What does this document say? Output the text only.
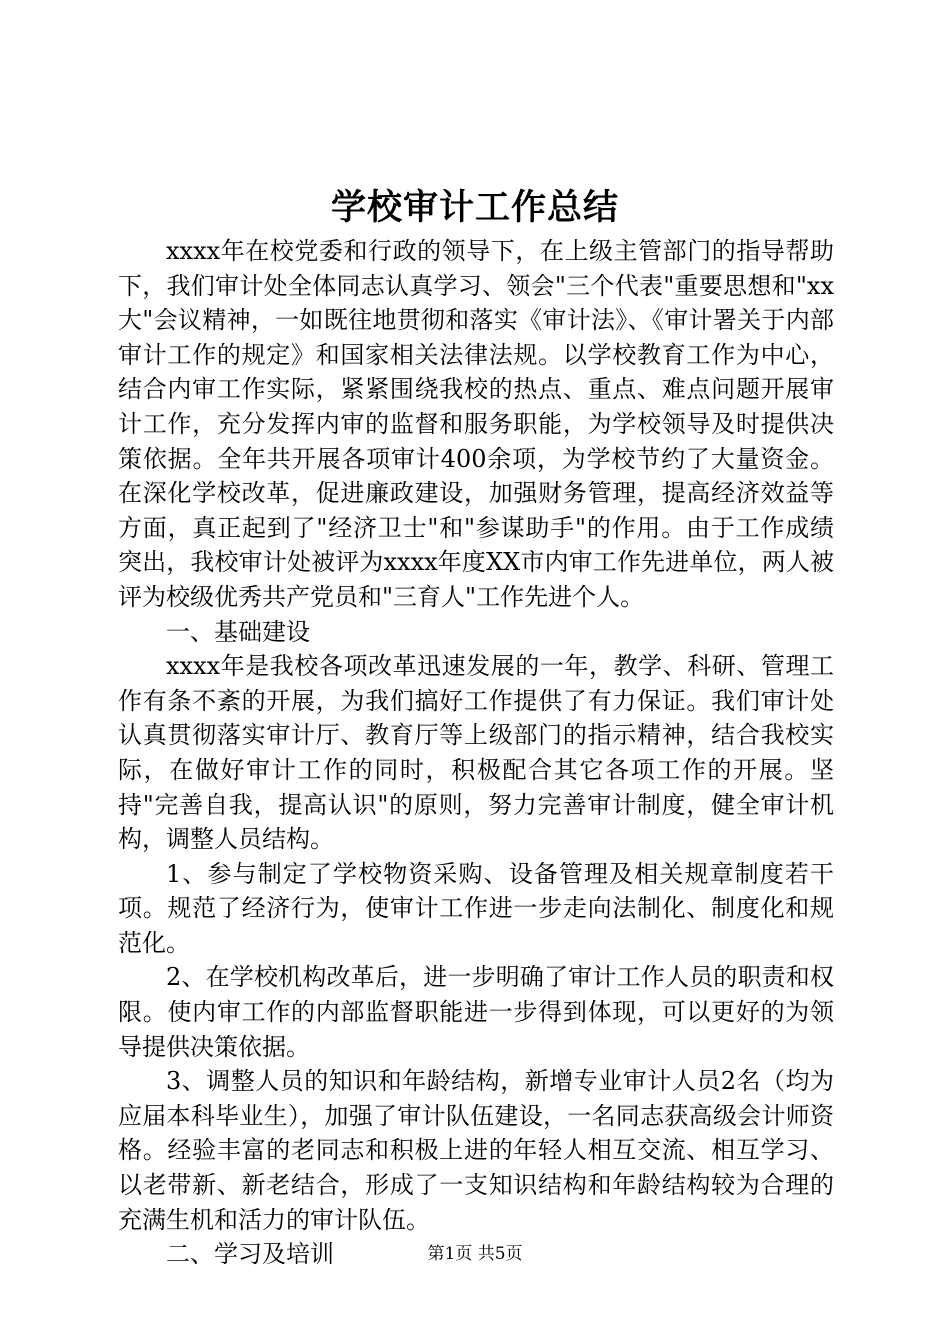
学校审计工作总结

xxxx年在校党委和行政的领导下，在上级主管部门的指导帮助下，我们审计处全体同志认真学习、领会"三个代表"重要思想和"xx大"会议精神，一如既往地贯彻和落实《审计法》、《审计署关于内部审计工作的规定》和国家相关法律法规。以学校教育工作为中心，结合内审工作实际，紧紧围绕我校的热点、重点、难点问题开展审计工作，充分发挥内审的监督和服务职能，为学校领导及时提供决策依据。全年共开展各项审计400余项，为学校节约了大量资金。在深化学校改革，促进廉政建设，加强财务管理，提高经济效益等方面，真正起到了"经济卫士"和"参谋助手"的作用。由于工作成绩突出，我校审计处被评为xxxx年度XX市内审工作先进单位，两人被评为校级优秀共产党员和"三育人"工作先进个人。

一、基础建设

xxxx年是我校各项改革迅速发展的一年，教学、科研、管理工作有条不紊的开展，为我们搞好工作提供了有力保证。我们审计处认真贯彻落实审计厅、教育厅等上级部门的指示精神，结合我校实际，在做好审计工作的同时，积极配合其它各项工作的开展。坚持"完善自我，提高认识"的原则，努力完善审计制度，健全审计机构，调整人员结构。

1、参与制定了学校物资采购、设备管理及相关规章制度若干项。规范了经济行为，使审计工作进一步走向法制化、制度化和规范化。

2、在学校机构改革后，进一步明确了审计工作人员的职责和权限。使内审工作的内部监督职能进一步得到体现，可以更好的为领导提供决策依据。

3、调整人员的知识和年龄结构，新增专业审计人员2名（均为应届本科毕业生），加强了审计队伍建设，一名同志获高级会计师资格。经验丰富的老同志和积极上进的年轻人相互交流、相互学习、以老带新、新老结合，形成了一支知识结构和年龄结构较为合理的充满生机和活力的审计队伍。

二、学习及培训	第1页 共5页
